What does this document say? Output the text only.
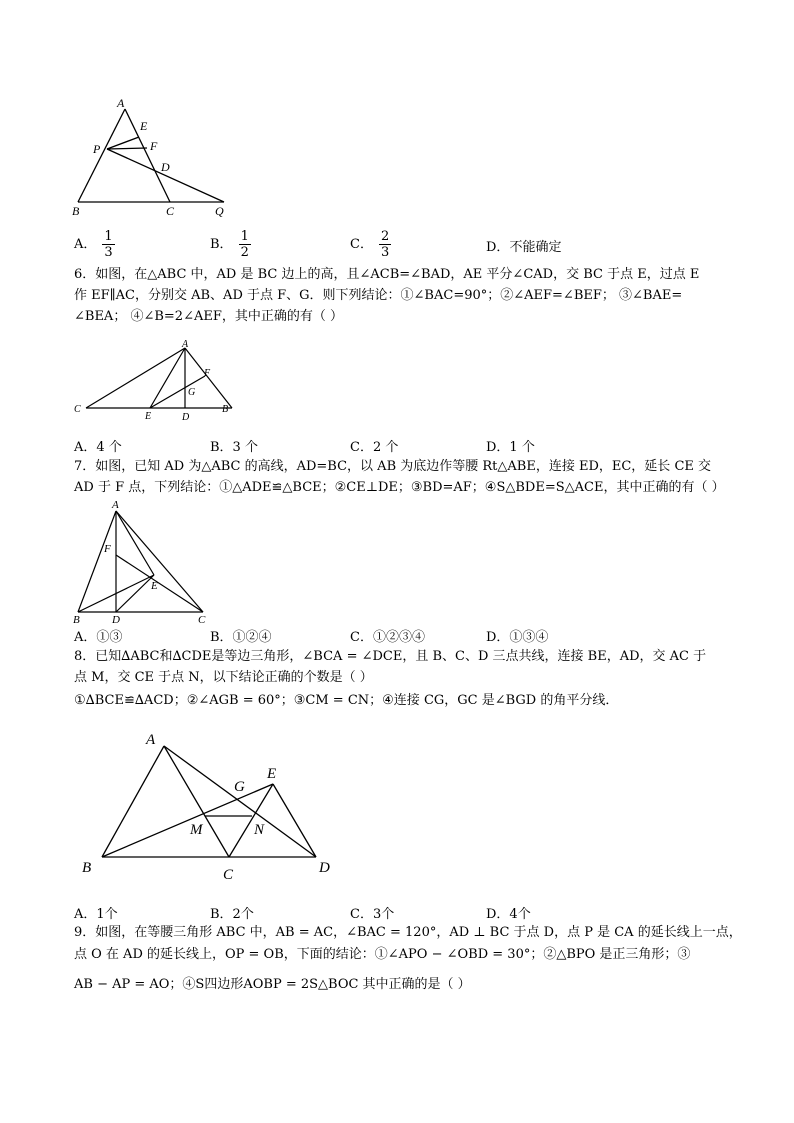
A
E
P	F
D
B	C	Q
A． $\frac{1}{3}$	B． $\frac{1}{2}$	C． $\frac{2}{3}$	D．不能确定
6．如图，在△ABC 中，AD 是 BC 边上的高，且∠ACB=∠BAD，AE 平分∠CAD，交 BC 于点 E，过点 E
作 EF∥AC，分别交 AB、AD 于点 F、G．则下列结论：①∠BAC=90°；②∠AEF=∠BEF； ③∠BAE=
∠BEA； ④∠B=2∠AEF，其中正确的有（ ）
A
F
G
C
E	D
B
A．4 个	B．3 个	C．2 个	D．1 个
7．如图，已知 AD 为△ABC 的高线，AD=BC，以 AB 为底边作等腰 Rt△ABE，连接 ED，EC，延长 CE 交
AD 于 F 点，下列结论：①△ADE≌△BCE；②CE⊥DE；③BD=AF；④S△BDE=S△ACE，其中正确的有（ ）
A
F
E
B	D	C
A．①③	B．①②④	C．①②③④	D．①③④
8．已知∆ABC和∆CDE是等边三角形，∠BCA = ∠DCE，且 B、C、D 三点共线，连接 BE，AD，交 AC 于
点 M，交 CE 于点 N，以下结论正确的个数是（ ）
①∆BCE≌∆ACD；②∠AGB = 60°；③CM = CN；④连接 CG，GC 是∠BGD 的角平分线．
A
G
E
M	N
B	C	D
A．1个	B．2个	C．3个	D．4个
9．如图，在等腰三角形 ABC 中，AB = AC，∠BAC = 120°，AD ⊥ BC 于点 D，点 P 是 CA 的延长线上一点，
点 O 在 AD 的延长线上，OP = OB，下面的结论：①∠APO − ∠OBD = 30°；②△BPO 是正三角形；③
AB − AP = AO；④S四边形AOBP = 2S△BOC 其中正确的是（ ）
